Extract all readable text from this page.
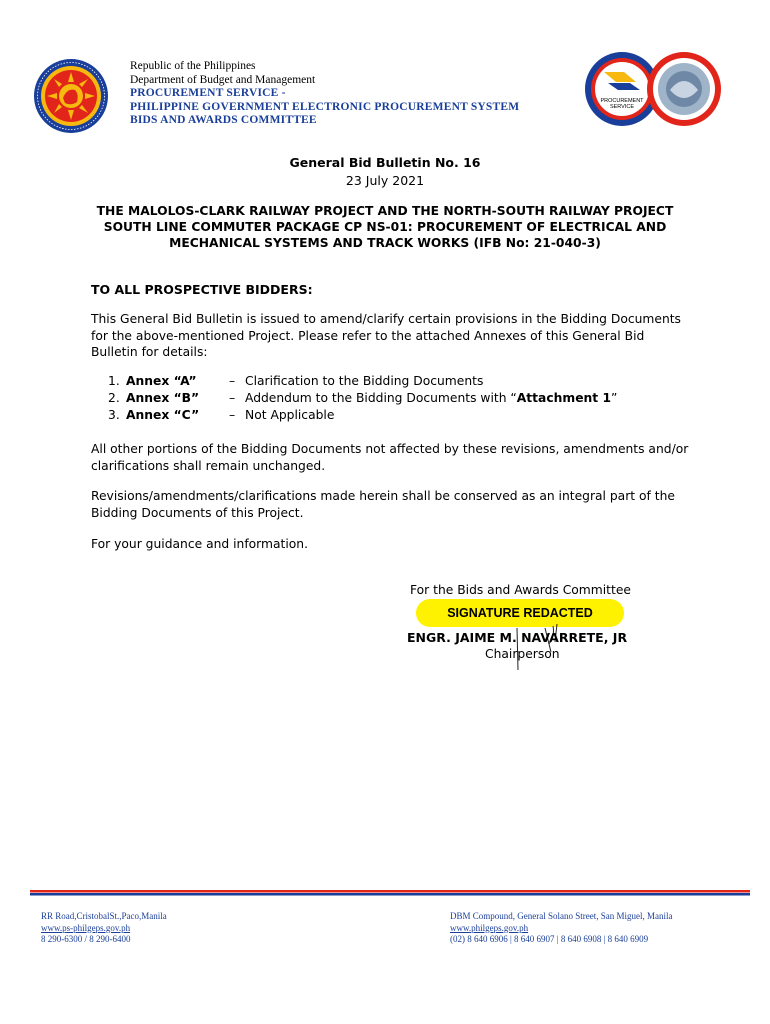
Republic of the Philippines
Department of Budget and Management
PROCUREMENT SERVICE -
PHILIPPINE GOVERNMENT ELECTRONIC PROCUREMENT SYSTEM
BIDS AND AWARDS COMMITTEE
PROCUREMENT
SERVICE
General Bid Bulletin No. 16
23 July 2021
THE MALOLOS-CLARK RAILWAY PROJECT AND THE NORTH-SOUTH RAILWAY PROJECT SOUTH LINE COMMUTER PACKAGE CP NS-01: PROCUREMENT OF ELECTRICAL AND MECHANICAL SYSTEMS AND TRACK WORKS (IFB No: 21-040-3)
TO ALL PROSPECTIVE BIDDERS:
This General Bid Bulletin is issued to amend/clarify certain provisions in the Bidding Documents for the above-mentioned Project. Please refer to the attached Annexes of this General Bid Bulletin for details:
1. Annex “A”	– Clarification to the Bidding Documents
2. Annex “B” – Addendum to the Bidding Documents with “Attachment 1”
3. Annex “C” – Not Applicable
All other portions of the Bidding Documents not affected by these revisions, amendments and/or clarifications shall remain unchanged.
Revisions/amendments/clarifications made herein shall be conserved as an integral part of the Bidding Documents of this Project.
For your guidance and information.
For the Bids and Awards Committee
SIGNATURE REDACTED
ENGR. JAIME M. NAVARRETE, JR
Chairperson
RR Road,CristobalSt.,Paco,Manila
www.ps-philgeps.gov.ph
8 290-6300 / 8 290-6400
DBM Compound, General Solano Street, San Miguel, Manila
www.philgeps.gov.ph
(02) 8 640 6906 | 8 640 6907 | 8 640 6908 | 8 640 6909
